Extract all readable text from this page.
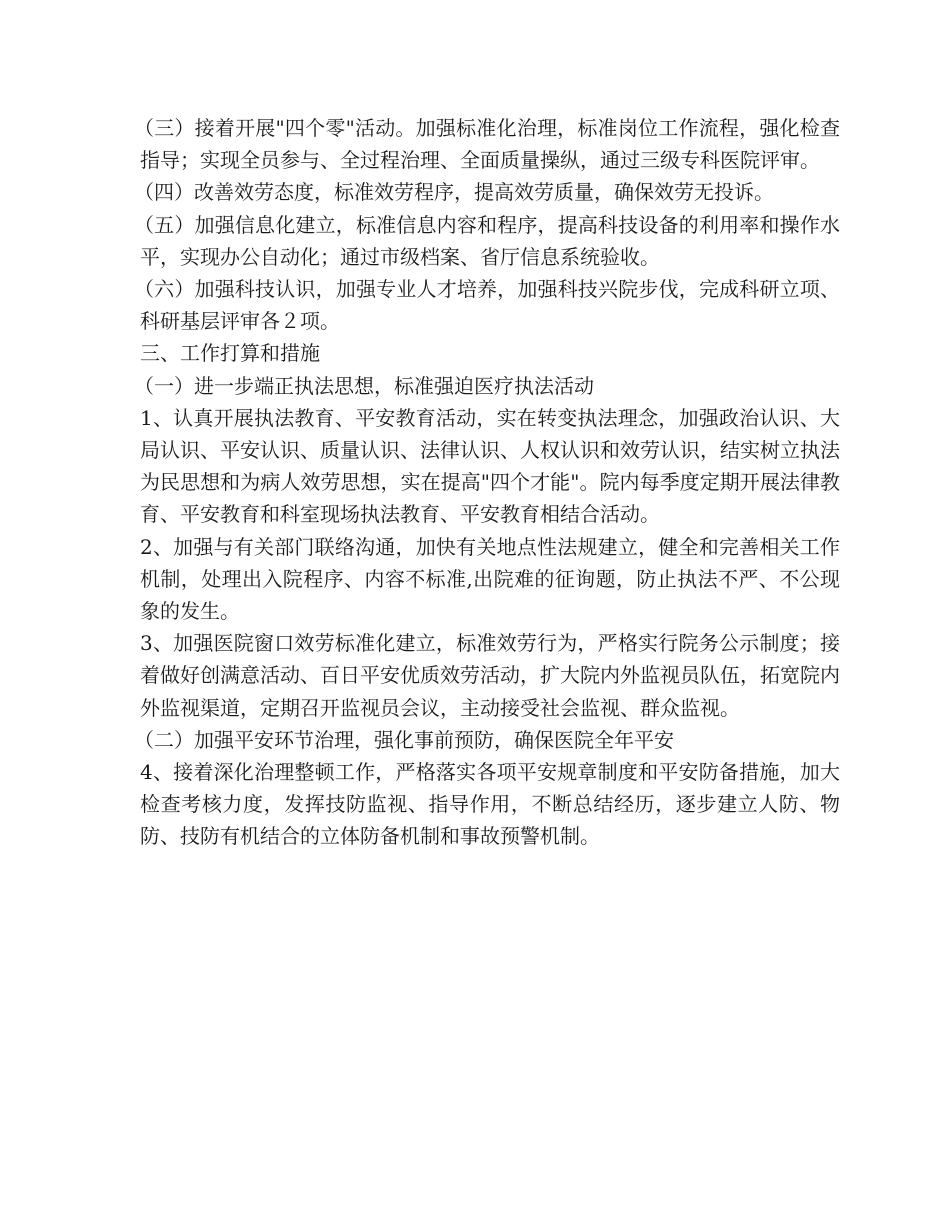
（三）接着开展"四个零"活动。加强标准化治理，标准岗位工作流程，强化检查指导；实现全员参与、全过程治理、全面质量操纵，通过三级专科医院评审。

（四）改善效劳态度，标准效劳程序，提高效劳质量，确保效劳无投诉。

（五）加强信息化建立，标准信息内容和程序，提高科技设备的利用率和操作水平，实现办公自动化；通过市级档案、省厅信息系统验收。

（六）加强科技认识，加强专业人才培养，加强科技兴院步伐，完成科研立项、科研基层评审各２项。

三、工作打算和措施

（一）进一步端正执法思想，标准强迫医疗执法活动

1、认真开展执法教育、平安教育活动，实在转变执法理念，加强政治认识、大局认识、平安认识、质量认识、法律认识、人权认识和效劳认识，结实树立执法为民思想和为病人效劳思想，实在提高"四个才能"。院内每季度定期开展法律教育、平安教育和科室现场执法教育、平安教育相结合活动。

2、加强与有关部门联络沟通，加快有关地点性法规建立，健全和完善相关工作机制，处理出入院程序、内容不标准,出院难的征询题，防止执法不严、不公现象的发生。

3、加强医院窗口效劳标准化建立，标准效劳行为，严格实行院务公示制度；接着做好创满意活动、百日平安优质效劳活动，扩大院内外监视员队伍，拓宽院内外监视渠道，定期召开监视员会议，主动接受社会监视、群众监视。

（二）加强平安环节治理，强化事前预防，确保医院全年平安

4、接着深化治理整顿工作，严格落实各项平安规章制度和平安防备措施，加大检查考核力度，发挥技防监视、指导作用，不断总结经历，逐步建立人防、物防、技防有机结合的立体防备机制和事故预警机制。
